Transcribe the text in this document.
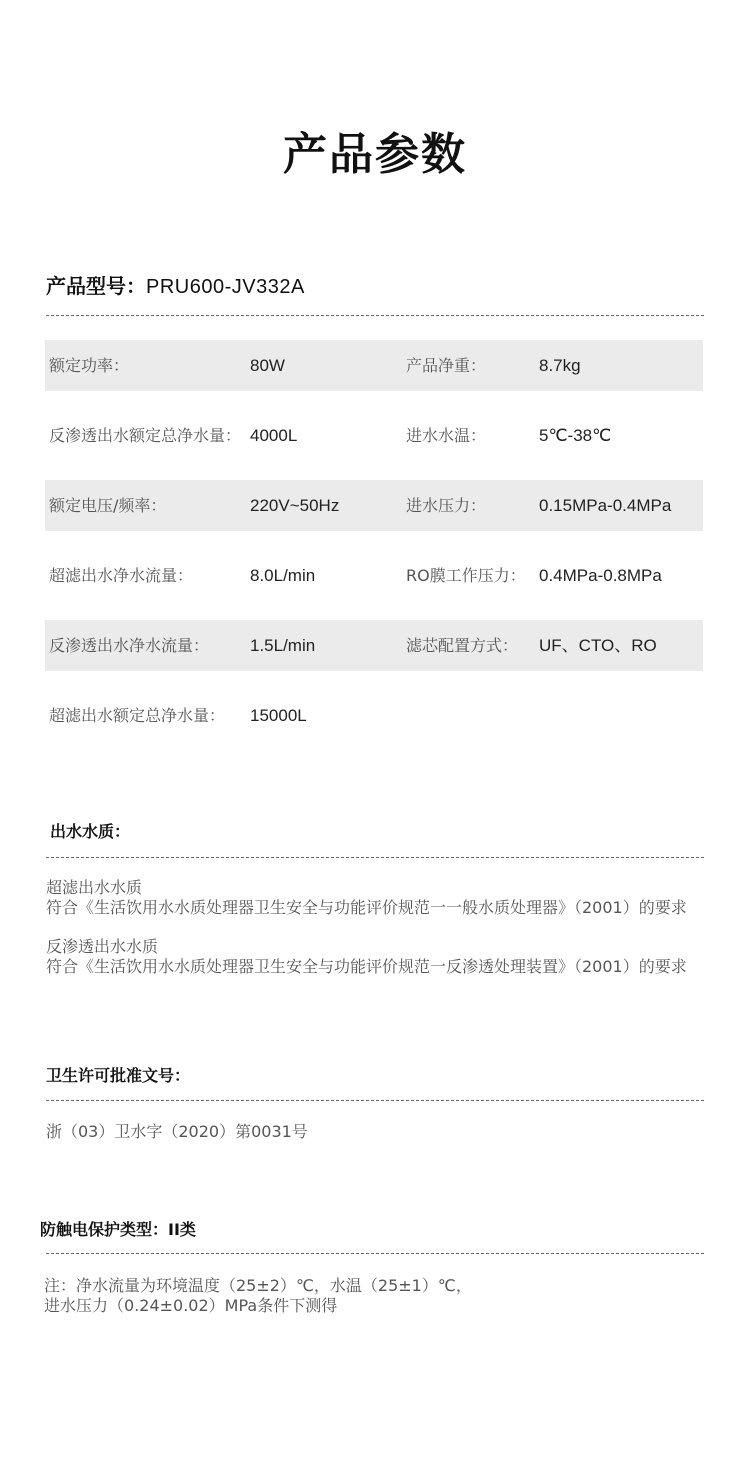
产品参数
产品型号：PRU600-JV332A
额定功率：	80W	产品净重：	8.7kg
反渗透出水额定总净水量： 4000L	进水水温：	5℃-38℃
额定电压/频率：	220V~50Hz	进水压力：	0.15MPa-0.4MPa
超滤出水净水流量：	8.0L/min	RO膜工作压力： 0.4MPa-0.8MPa
反渗透出水净水流量： 1.5L/min	滤芯配置方式： UF、CTO、RO
超滤出水额定总净水量： 15000L
出水水质：
超滤出水水质
符合《生活饮用水水质处理器卫生安全与功能评价规范一一般水质处理器》（2001）的要求
反渗透出水水质
符合《生活饮用水水质处理器卫生安全与功能评价规范一反渗透处理装置》（2001）的要求
卫生许可批准文号：
浙（03）卫水字（2020）第0031号
防触电保护类型：II类
注：净水流量为环境温度（25±2）℃，水温（25±1）℃，
进水压力（0.24±0.02）MPa条件下测得
